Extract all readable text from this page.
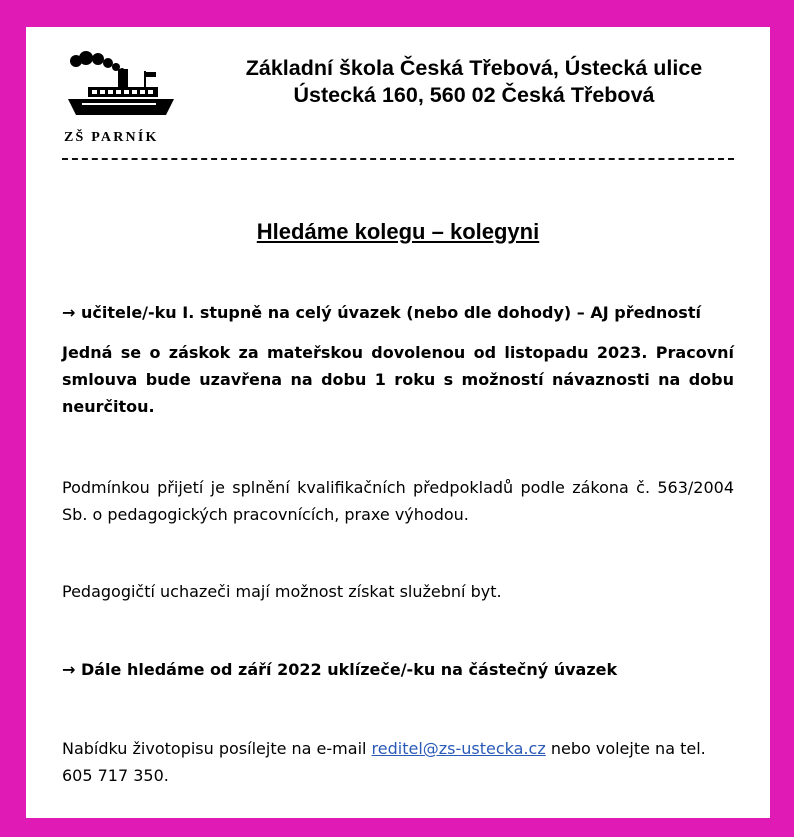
ZŠ PARNÍK
Základní škola Česká Třebová, Ústecká ulice
Ústecká 160, 560 02 Česká Třebová
Hledáme kolegu – kolegyni
→ učitele/-ku I. stupně na celý úvazek (nebo dle dohody) – AJ předností
Jedná se o záskok za mateřskou dovolenou od listopadu 2023. Pracovní smlouva bude uzavřena na dobu 1 roku s možností návaznosti na dobu neurčitou.
Podmínkou přijetí je splnění kvalifikačních předpokladů podle zákona č. 563/2004 Sb. o pedagogických pracovnících, praxe výhodou.
Pedagogičtí uchazeči mají možnost získat služební byt.
→ Dále hledáme od září 2022 uklízeče/-ku na částečný úvazek
Nabídku životopisu posílejte na e-mail reditel@zs-ustecka.cz nebo volejte na tel. 605 717 350.
